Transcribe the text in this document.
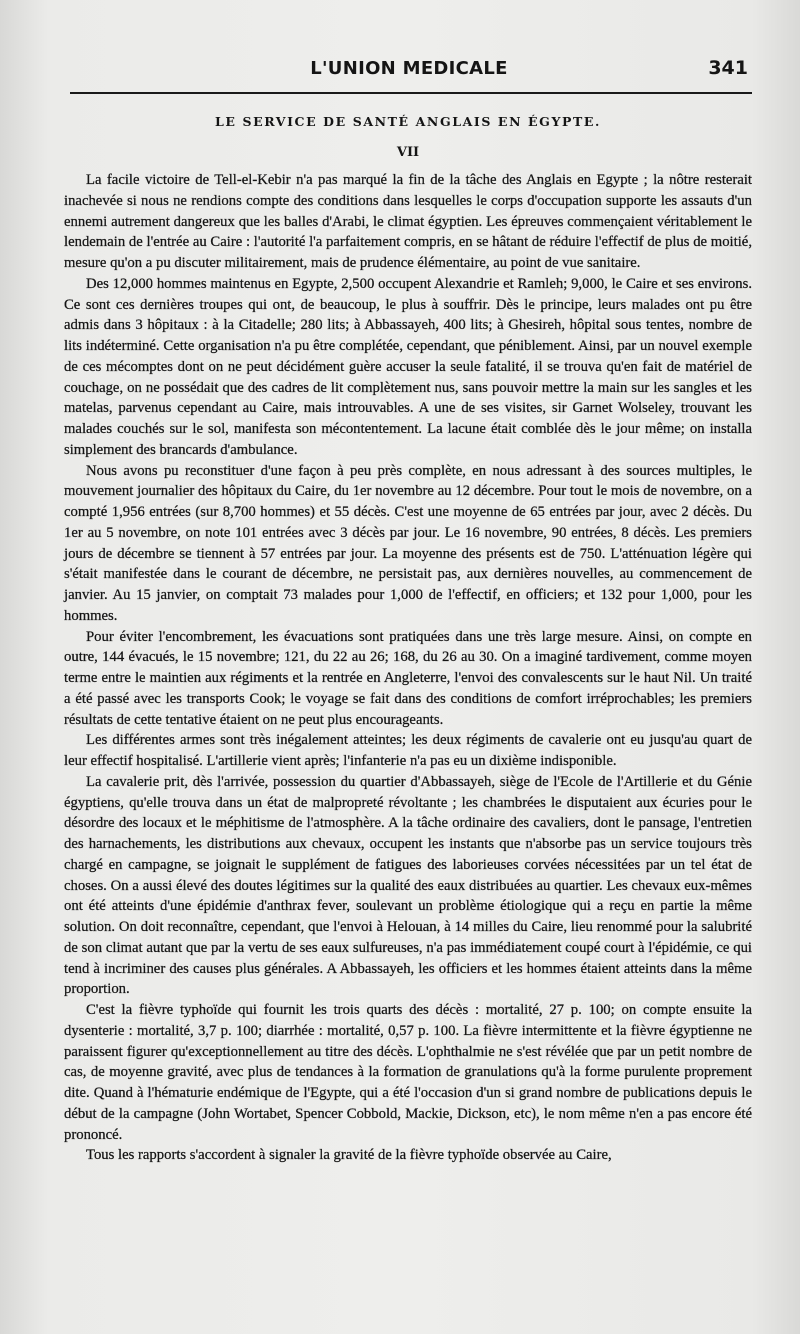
L'UNION MEDICALE	341
LE SERVICE DE SANTÉ ANGLAIS EN ÉGYPTE.
VII

La facile victoire de Tell-el-Kebir n'a pas marqué la fin de la tâche des Anglais en Egypte ; la nôtre resterait inachevée si nous ne rendions compte des conditions dans lesquelles le corps d'occupation supporte les assauts d'un ennemi autrement dangereux que les balles d'Arabi, le climat égyptien. Les épreuves commençaient véritablement le lendemain de l'entrée au Caire : l'autorité l'a parfaitement compris, en se hâtant de réduire l'effectif de plus de moitié, mesure qu'on a pu discuter militairement, mais de prudence élémentaire, au point de vue sanitaire.

Des 12,000 hommes maintenus en Egypte, 2,500 occupent Alexandrie et Ramleh; 9,000, le Caire et ses environs. Ce sont ces dernières troupes qui ont, de beaucoup, le plus à souffrir. Dès le principe, leurs malades ont pu être admis dans 3 hôpitaux : à la Citadelle; 280 lits; à Abbassayeh, 400 lits; à Ghesireh, hôpital sous tentes, nombre de lits indéterminé. Cette organisation n'a pu être complétée, cependant, que péniblement. Ainsi, par un nouvel exemple de ces mécomptes dont on ne peut décidément guère accuser la seule fatalité, il se trouva qu'en fait de matériel de couchage, on ne possédait que des cadres de lit complètement nus, sans pouvoir mettre la main sur les sangles et les matelas, parvenus cependant au Caire, mais introuvables. A une de ses visites, sir Garnet Wolseley, trouvant les malades couchés sur le sol, manifesta son mécontentement. La lacune était comblée dès le jour même; on installa simplement des brancards d'ambulance.

Nous avons pu reconstituer d'une façon à peu près complète, en nous adressant à des sources multiples, le mouvement journalier des hôpitaux du Caire, du 1er novembre au 12 décembre. Pour tout le mois de novembre, on a compté 1,956 entrées (sur 8,700 hommes) et 55 décès. C'est une moyenne de 65 entrées par jour, avec 2 décès. Du 1er au 5 novembre, on note 101 entrées avec 3 décès par jour. Le 16 novembre, 90 entrées, 8 décès. Les premiers jours de décembre se tiennent à 57 entrées par jour. La moyenne des présents est de 750. L'atténuation légère qui s'était manifestée dans le courant de décembre, ne persistait pas, aux dernières nouvelles, au commencement de janvier. Au 15 janvier, on comptait 73 malades pour 1,000 de l'effectif, en officiers; et 132 pour 1,000, pour les hommes.

Pour éviter l'encombrement, les évacuations sont pratiquées dans une très large mesure. Ainsi, on compte en outre, 144 évacués, le 15 novembre; 121, du 22 au 26; 168, du 26 au 30. On a imaginé tardivement, comme moyen terme entre le maintien aux régiments et la rentrée en Angleterre, l'envoi des convalescents sur le haut Nil. Un traité a été passé avec les transports Cook; le voyage se fait dans des conditions de comfort irréprochables; les premiers résultats de cette tentative étaient on ne peut plus encourageants.

Les différentes armes sont très inégalement atteintes; les deux régiments de cavalerie ont eu jusqu'au quart de leur effectif hospitalisé. L'artillerie vient après; l'infanterie n'a pas eu un dixième indisponible.

La cavalerie prit, dès l'arrivée, possession du quartier d'Abbassayeh, siège de l'Ecole de l'Artillerie et du Génie égyptiens, qu'elle trouva dans un état de malpropreté révoltante ; les chambrées le disputaient aux écuries pour le désordre des locaux et le méphitisme de l'atmosphère. A la tâche ordinaire des cavaliers, dont le pansage, l'entretien des harnachements, les distributions aux chevaux, occupent les instants que n'absorbe pas un service toujours très chargé en campagne, se joignait le supplément de fatigues des laborieuses corvées nécessitées par un tel état de choses. On a aussi élevé des doutes légitimes sur la qualité des eaux distribuées au quartier. Les chevaux eux-mêmes ont été atteints d'une épidémie d'anthrax fever, soulevant un problème étiologique qui a reçu en partie la même solution. On doit reconnaître, cependant, que l'envoi à Helouan, à 14 milles du Caire, lieu renommé pour la salubrité de son climat autant que par la vertu de ses eaux sulfureuses, n'a pas immédiatement coupé court à l'épidémie, ce qui tend à incriminer des causes plus générales. A Abbassayeh, les officiers et les hommes étaient atteints dans la même proportion.

C'est la fièvre typhoïde qui fournit les trois quarts des décès : mortalité, 27 p. 100; on compte ensuite la dysenterie : mortalité, 3,7 p. 100; diarrhée : mortalité, 0,57 p. 100. La fièvre intermittente et la fièvre égyptienne ne paraissent figurer qu'exceptionnellement au titre des décès. L'ophthalmie ne s'est révélée que par un petit nombre de cas, de moyenne gravité, avec plus de tendances à la formation de granulations qu'à la forme purulente proprement dite. Quand à l'hématurie endémique de l'Egypte, qui a été l'occasion d'un si grand nombre de publications depuis le début de la campagne (John Wortabet, Spencer Cobbold, Mackie, Dickson, etc), le nom même n'en a pas encore été prononcé.

Tous les rapports s'accordent à signaler la gravité de la fièvre typhoïde observée au Caire,
